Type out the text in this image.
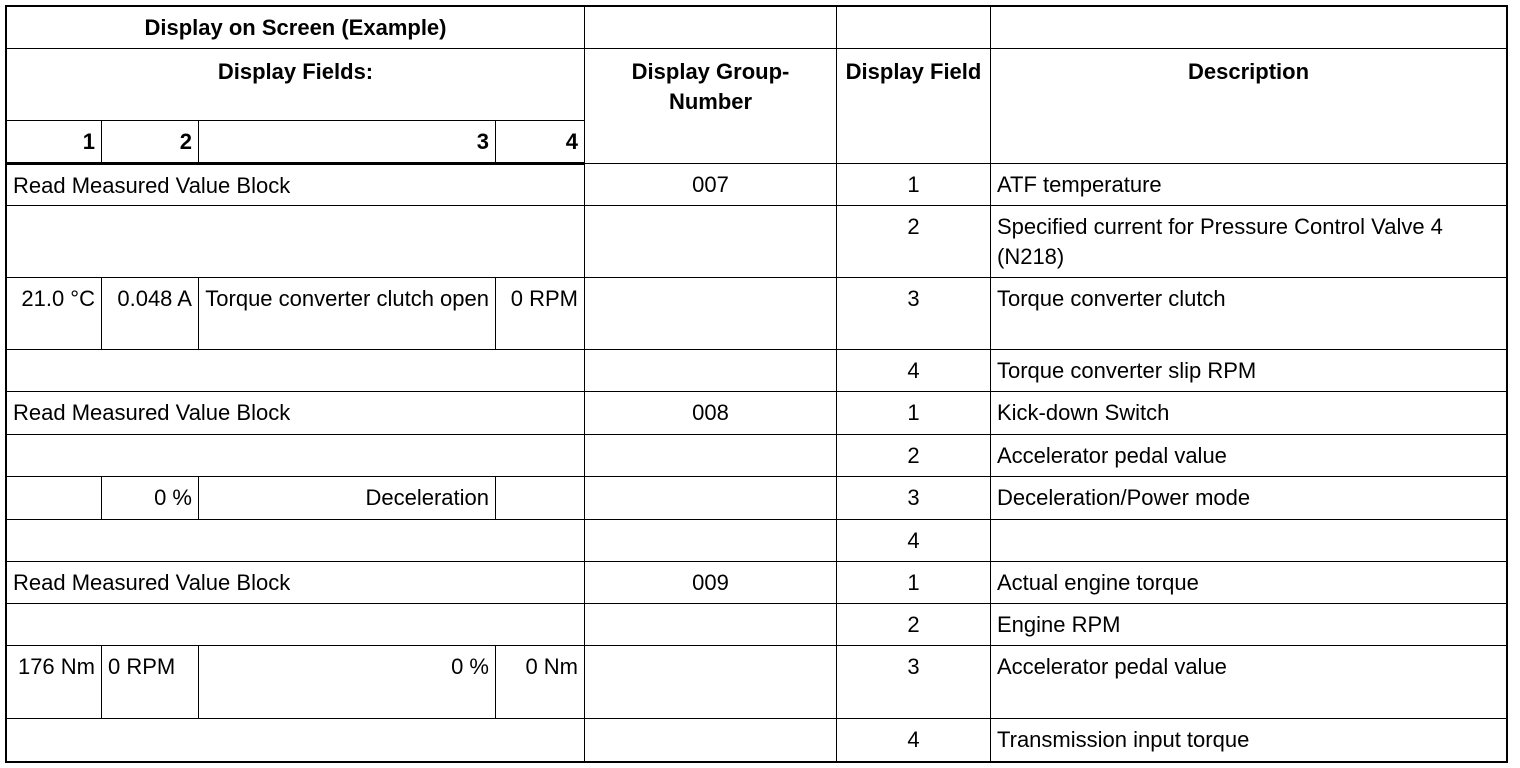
Display on Screen (Example)						
Display Fields:				Display Group-Number	Display Field	Description
1	2	3	4			
Read Measured Value Block				007	1	ATF temperature
					2	Specified current for Pressure Control Valve 4 (N218)
21.0 °C	0.048 A	Torque converter clutch open	0 RPM		3	Torque converter clutch
					4	Torque converter slip RPM
Read Measured Value Block				008	1	Kick-down Switch
					2	Accelerator pedal value
	0 %	Deceleration			3	Deceleration/Power mode
					4	
Read Measured Value Block				009	1	Actual engine torque
					2	Engine RPM
176 Nm	0 RPM	0 %	0 Nm		3	Accelerator pedal value
					4	Transmission input torque
